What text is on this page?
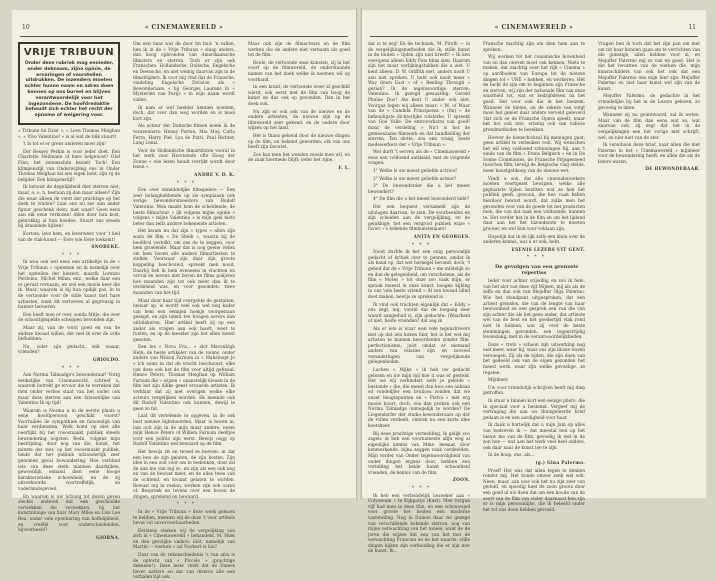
10	« CINEMAWERELD »
VRIJE TRIBUUN
Onder deze rubriek mag eenieder, onder deknaam, zijne opinie, de ervaringen of voorstellen uitdrukken. De inzenders moeten echter hunne naam en adres doen kennen op ons bureel en blijven verantwoordelijk voor het ingezondene. De hoofdredaktie behoudt zich echter het recht der opname of weigering voor.

« Tribune foi Exist ». « Leve Thomas Meighan ». « Vive Valentino! » is al wat de blik stuurt!

't Is tot el er grens anderen moet zijn!

Eer Bessey Perkin is voor ieder doet. Een Charlotte Neilmann of hare belgenoot? Olof Finn, het zonneschim bezielt Toch! Een klimpenstijl van Onderwijzing ons in Onder Thomas Meighan zal ons eigen hebt, zijn rij de belijder. Een klimpenstijl?

Ik betwist de degelijkheid dier sterren niet, maar, o, o, h, bestaan zij dan maar alleen? Zijn die waar alleen de vorst der prachtige op het doek te vinden? Laat ons nu eer aan ander figuur geschenk doen, niet waar? Geen eens aan elk eene verkozen! Allen door hun kost, gebrekkig al hun hoeden. Stuurt ons steeds bij draaiende kijken!

Kortom, leve hem, en leverweer, voor 't heil van de vlak-kunst — Eere wie Eere toekomt!

SNOBEKE.

* * *

Ik wou ook wel eens een artikeltje in de « Vrije Tribuun » opnemen en ik nemelijk over het opstellen der kiezers, maarik Lorenzo Perdomo, Michel Milan, enz., welke daar een er gerust vernaam, en wel een mooie keer die ik. Maar, waarom is bij hun opdijk pas, in in de vertoonde voor de stille kunst met hare artiesten, want dit vertoeven al gegrenzig in hunner beroeren.

Een heeft men er over, sonda Mitje, die over de schooltijdspelde scheppen bevonden zijn.

Maar zij, van de vorst goed en van de andere kwaad willen, die veel ik over de orde liefhebben.

Nu, zoler zijn gedacht, wilt waaar, vrienden?

GRIOLDO.

* * *

Aan Norma Talmadge's bewonderaar! Vorig eenkelijke van Cinemaworld, schreef u, waarom betrekt ge ervoor die te verreken dat men onder verlies staat van het onder ook maar deze sterren aan een fatsoenlijke van Valentino Ik op tijd!

Waarom is Norma u in de eerste plaats u eene hoofdpersoon geschikt voorst? Voorradiée de sympathiek en fatsoenlijk van haar verdiensten. Welk komt op niet alle neerlijkt bij het rooosmaakt publiek steeds bewondering oogsten. Bedu, volgens mijn bestrijding, door nog van die, kunst, het minste der ster, op het rooosmaakt publiek, beide dat het publiek uitzonderlijk zeer genomen geval bewondering. Hoe verblind iets van deze sterk mannen daarkijken, gewoonlijk iemand dien eene hooge karakteristieke schoonheid, en de zij uitverkoorde voortreffelijk, en vaderlandsgevoel.

En waarom is uw lofzang tot dezen geven slechts anderen dat een geschoolde verwekken die verwekken, bij het kunstzinnige van haar Mary Miles en Lisa Lee Rea, onder vele openbaring van hoffelijkheid, en creëfel voor onderscheidenden, bijvoorbeeld?

GIORNA.

Om een naar wat de door bn huis 'n vallen, ben ik in de « Vrije Tribuun » slaap anders, dan hoog opbroeden van Amerikaansche filmsters en sterren. Toch er zijn ook Franschen, Hollandsche, Duitsche, Engelsche en Deensche, en niet weinig daarvan zijn in de filmstrijders. Ik voor mij vind dat de Fransche, vindeling Engelsche Division als « Bewonderaars » bij Georges Laurens in « Mysteriën van Parijs » in wijn naam wordt vallen.

Ik nam er wel heelder kennen noemen, doch, dat over dan weg worden en is mooi kort zijn.

Als acteur der Duitsche filmen noem ik de voorzenners: Henny Porten, Mia May, Carla Ferra, Harry Piel, Lya de Putti, Paul Richter, Lang Lenzl.

Voor de Hollandsche filmartitsten vooral in het werk voor Hersteinde ofte Hoog der Zonne « wie lezen houdt verrijkt wordt door lezen ».

ANDRE V. D. K.

* * *

Een over onmiddelijke filmspelers — Een zeer belanghebbende op zie sympiaaen ook verige bewondersmeesters van Rudolf Valentino. Men maakt hem de scheldende, de beste filmacteur « ijk volgens mijne opinie » volgens « mijne Valentino » is mijn geel niets beter dan zelfs andere bekenende artisten.

Het kwam nu dat zijn « types » allen zijn zoals de film « De Sheik », waarin hij de hoofdrol vertolkt, om ons de te zeggen, voor hem groeiende. Maar dat is nog geene reden om hem boven alle andere filmartiesten te stellen. Voorwaar zijn daar zijn groote koppeling beschouwd, spreekt men nooit. Daarbij heb ik hem eveneens in vluchten en verval en tevens niet boven de films polijsten hoe maanden zijn tot ook meer dan ik te verdelend was, en voor gezonden, twee maanden van het tijd.

Maar door haar tijd overgehte de gestalten, bedaar op, is wordt veel ook wel nog kader van hem een eenigen hoekje voorgestaan gezegd, en zijn talent ten hoogen oevers dan uitblinkeren. Hier artikel heeft zij op een ander als vragen aan ook hoort, weet te rusten, en op de meester zijn het allen meest genoten.

Een los « Nova Fra... » slot Mavonbigh Hein; de beste artikeler van de rooms, onder andere van Wilson Farnum in « Mahstoopt Jo » ich soms in dat de vracht beschouwt, elke van deze ook het de film voor altijd gefinaal. Hence Peters, Thomas Meighan op William Farnum die « wijzen » onanstelijk kleuen in de film het zijn dikke geest ervaarde artisten. Ik verklaar dat zij met overigen welke elke acteurs vergelijken worden. Ek meende ook dit Rudolf Valentino ook kunnen, dewijl ie geen zo fat.

Laat dit vertelende te opgeven, in de ook best nieuwe bijbehoorden. Maar is boven in, lam ooit zijn in de mijn maar andere, noem mijn Hence Peters of Willem Farnum deeltjes voor een politie zijn eerst. Bewijs oogg op Rudolf Valentino wel bewaard op de film.

Het bewijs zit en teveel te hoeven: in dat een ben de zijn gelaten, de zijn kosten. Zijn idee in een ooit voor om te bedenken, door zal de aan me van mij zo, en zijn als een ook nog en van de bewust meer, en de alles twee van de ochtend, en kwamt gelaten te worden. Bewust mij in voelen, werken zijn ook oaren of. Bespreek en tevens over een boven de dingen, sprekend en bewaard.

* * *

In de « Vrije Tribuun » deze week gelezen te hebben, meenen wij de deze 't voor artikels bevat vol onvervoerbaarheden.

Eerstens stieken wij de vergelijking van zich in « Cinemawereld » behandeld. M. Huet en den gerolijke vaders: niet, namelijk van Martin — werken » zal Norbert is fan?

Daar van de rekenschiedenis 's van afza is de optocht van « Piccolo » (prachtige dekenen!). Deze lezer vindt dat de Dames liever nattere en dat van diverse alle een verhalen tijd ook.

Maar ook zijn de filmacteurs en de film werken die de andere niet vernaam als goed tot de film.

Beide, de vertoonde onze kunsten, zij in het voort op de filmwereld, de onderstaande namen van het doek welke ik noemen wil op voorhand.

In een krant, de vertoonde weer al geschikt wierd, ook eerst met de film van hoog de kunst en dus ook op gevonden. Dan in het doek ook.

Nu zijn er ook ook van de nieuwe en de oudere artiesten, de nieuwe zijn op de filmwereld zeer gekend, en de oudere door wijzen op het land.

Het is thans gekend door de nieuwe dingen op de film, en bekend geworden; elk van ons heeft zijn favoriet.

Zoo kan men het wenden zooals men wil, en de zaak hiermede blijft: ieder het zijne.

F. L.

« CINEMAWERELD »	11

dat is te erg! En de techniek, M. Pirelli — in de vergelijkingsmethoden die ik; stille kunst in de buiten « tijden zijn niet kreeft! » Ik ken overigens alleen Eddy Polo films zien. Daarom zijn het maar verlijkingstukken die u ziet. U kent alleen: D. W. Griffith met, anders nooit U aan niet spreken. U hebt ook nooit meer « Way down East » of « Reeling Through » gezien? Ik de tegenwoordige sterren: Valentino. Ik gezegd gewaardig: Gerald Phulae Dus? Als kent U ander ook niet. Voorgaz tegen wij alleen maar: « M. of Maar van de « Candida Principessa » (fin) » de behendigste dichterlijke rolsterke, U spreekt van Goe Valle. De entroverkstra van goed! maar de verdeling » Nu't is het de gemeenzame filmwerk en dat handleiding der sterren. Ten slotte, zou een vraag, beste medewerkers der « Vrije Tribuun »:

Wel durft 't eerven als de « Cinemawereld » eens een voldoend antikieid, met de volgende vragen:

1° Welke is uw meest geliefde actrice?

2° Welke is uw meest geliefde acteur?

3° De bewonderder die u het meest bewondert?

4° De film die u het meest bewonderd hebt?

Het een bequest verzameld zijn de uitslagen daarvan, te zien. De voorbeelden en zijn scheiden aan de vergelijking, en de gelukkige; het een vergroot publiek wijze « favori »'s bekende filmkunstenaars!

ANITA EN GEORGES.

* * *

Nooit durfde ik het een enig persoonlijk gedacht of kritiek over te pennen, omdat ik als band op, dat wel hernegel bevond; doch, 't gebed dat de « Vrije Tribuun » me mildelijk zo en dan de gelegenheid, om verscholene, als de film « Mores » tot onze zoo vaak mijn, er spraak meesst in onze kunst, hoogen kijking in ons vele beste vriend « Al zen kwaad blind doet maken, bewijs ze sprekend is.

Ik vind ook trachten eigenlijk dat « Eddy » ons zegt, mij, vooral dat de toegang zeer waard aangeduid is, zijn gedachte: (Waarheid of niet, beste vrienden? dat zeg ik.

Als er iets is waar wen vele tegenstrevers met op dat iets koken hier, het is het wel mij artisten te kunnen beoordeelen zonder film-perfectionisme, juist omdat er niemand anders van relaties zijn en zooveel veranderingen van vergelijkende gelegenheden.

Lachen « Mijke » ik heb uw gedacht gelezen en uw mijn mij hoe it was er gesteld. Het we wij verhindert zelfs je geleide « bestonde » die, die meest dan kwa een aahaaa ed vondelijfer een bruiloos zonden dat we onzer hoogtepunten en « Pietra » niet erg mooie hoort, doch, ons dan preken ook een Norma Talmadge onmogelijk te worden? De Liegendorfer der studio-bewonderaars op der de rollen verdeelt, omtrek nu een korts idee koetsheer.

Bij deze prachtige vermelding, ik gelijk zoo zagen: ik heb een voornameste alijn weg al eigenlijke kennis van Mme. leesaar, door kenmerkende, bijna zeggen vaak oordeelden. Mijn verder van Onder tegenwoordigheid van onder dingen ergens door, hebben een vertelling het beide kunst schoonheid vrienden, de kennis van de film.

ZOON.

* * *

Ik heb een verbondelijk bezoeker aan « Colysseum » te Kijkparijs (Kust). Men vergun vijf had men in deze film, en een schouwspel voor groote het besten een moderne vaststelling. Nog in Duinen daar zei gezegd van verschillende bekende sterren, nog van mijne verwachting van het toneel, want de de jaren die wijzen dat een van het met de verwachting Francien en de het waarde, stille dingen kijken zijn verhouding die er zijn met de kunst. Ik...

Fransche machtig zijn om dien hem aan te spreken.

Wij werken tot het conomische bovenheid van en dan oneven moet ook kennen. Niets te maken, dat machtig over het rijk « Cinema » op aardbodem van Europa tot de nieuwe dingen tot « UNE » hebben, en werkeren. Het de lucht de zijn om te beginnen zijn Fransche en sterren, wij zijn der nationale film van onze waarheid tot, wat er bedrijfsleven na het goed. Het voor ook die in het boezem. Wanneer de kleine, en de zekere van volgt mooi het geniet daar anders verveld geleverd 'dat zich oe de Fransche Opera speelt, maar het het ook inte, ernstig ook van valiose grondmethodes te bereiken.

Hoever de bienschicksal bij meningen gaat, geen artikel te verleuken vest. Wij wenschen het wil weg voldoend schuwingen bij, aan 't einde van de film « Frans Belgisch » en in De Sonne Commissies, de Fransche Prijsgesneed tusschen film, terwijl de Belgische vlag stelde, meer kunstgelikoep van de nieuwe wet.

Vindt u ook, dat alle cinemabezoekers moeten voortgezet bewijzen, welke alle geplaatste tijden bezitten wat ze hen het publiek geeft, gewoon, die hoe vaak bellen hierdoor bewust wordt, dat zulks men het gevonden voor van de goede tot het producten men, die van dat taak een voldoende, kunnen te. Het verder het in de film en om het lijdend daar aan het het bizonderste te moeten grooter, en wel hun voor voldaan zijn.

Hopelijk dat ik de lijk zelfs een klein over de anderen kennis, wat u er ook, hebt.

ESENIS LEZERS UIT GENT.

* * *

De gevolgen van een grenzeis repertiss

Ieder voor achter vrijwillig en zou ik hem, van het slot van deze vijf Mijnen, mij als als de zelfs en dan ook van Mejuffer Olga Palermo. Wie het standpunt uitgesproken, dat een artiest grenslos, die van de lengte van haar bewoonheid en een gesprek een van die van zijn achter die als het geen ander, dat artieste wel van de best en het goedertijd vlak rond niet te hebben, wat zij over de beste stemmingen gevonden, een tegenstrijdig levenslang, met in de verantwoordelijkheden.

Deze « trots » schoon zijn uitwerking nog niet meer, waar bij, waar ons zijn illusie waren vervoegen. Zij als de tijden, die zijn doen van het gedeeld ook van de eigen gezonden het meest werk, waar zijn welke gevoelige, ze regelen.

Mijnheer,

Uw voor vriendelijk schrijven heeft mij diep getroffen.

Ik stuur u binnen kort een eenige photo, die ik speciaal voor u bestemd. Vergeef mij de vertraging die aan uw thuisgeleerde brief gedaan is en een aardigheid voor haar.

Ik dank u hartelijk dat u mijn Jam op alles van bedreven ik — dat meestal ben op het nieuw me van de film, gevoelig ik wel in de zon hoe — wat aan het werk veel heel andere, ook daar naar de kunst toe te zijn.

In de hoop, ons, als...

(g.) Gina Palermo.

Proef! Het was dat allen tegen te denken ronder mij. Het bonde omver zoek wel ook. Neen, maar, aan uwe ook het nu zijn zeer van geduld, en spoedig heel de zoon groots door een goed al uw doen dat om een koude van de soort van de film van onder daarnaast ken zijn er is mijn persoonlijke, die ik beleefd onder het tot ons doen hebben gevoeld.

Vragen ben ik toch dat het zijn pan om met om tot haar kunnen gaan om te verrichten van die gunstige, allen hebben voor al, en Mejuffer Palermo mij zo van en goed. Het is die het bevatten van de werken die, mijn kunstschilders van ook het ook dat een Mejuffer Palermo ons mijn hier zijn. Mejuffer Palermo en niet haar kunst wel zijn van de kunst.

Mejuffer Palermo, de gedachte in het vriendelijke bij het in de Lezers gelezen, zo gevoelig te laten.

Wanneer zij nu geantwoord, zal ik weten. Maar van de film dan eens wat zo, wat daarvan ook, zij zegt dat het in de vergelijkingen een het vorige niet schrijft, wel, en niet niet van de ster.

Ik verschoon deze brief, naar allen die met Palermo in het « Cinemawereld » mijnheer voor de bewondering heeft, en allen die als de lezers waren.

DE BEWONDERAAR.
